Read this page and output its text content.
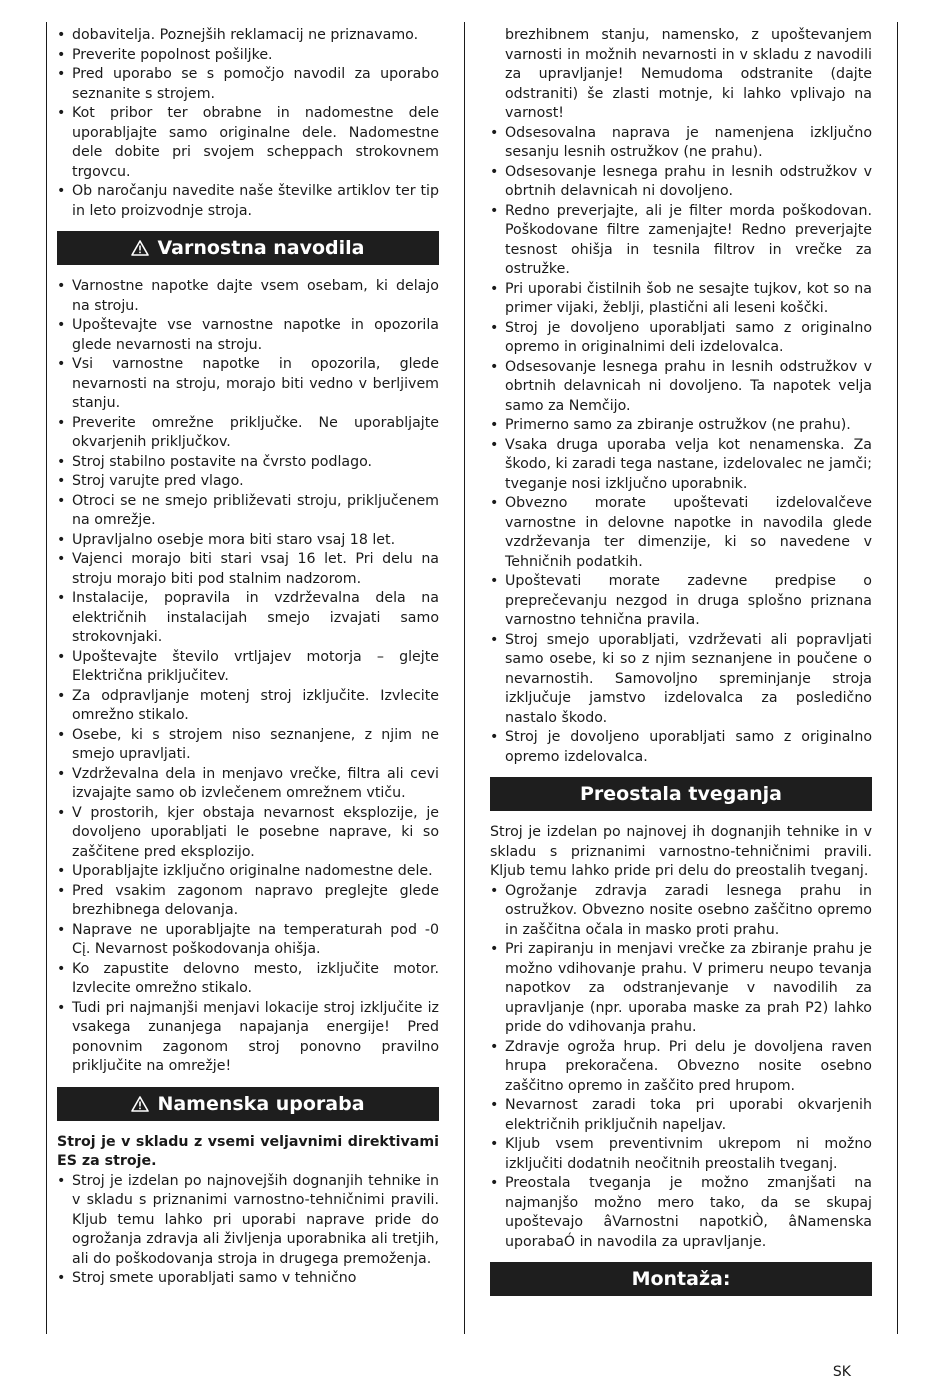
• dobavitelja. Poznejših reklamacij ne priznavamo.
• Preverite popolnost pošiljke.
• Pred uporabo se s pomočjo navodil za uporabo seznanite s strojem.
• Kot pribor ter obrabne in nadomestne dele uporabljajte samo originalne dele. Nadomestne dele dobite pri svojem scheppach strokovnem trgovcu.
• Ob naročanju navedite naše številke artiklov ter tip in leto proizvodnje stroja.
Varnostna navodila
• Varnostne napotke dajte vsem osebam, ki delajo na stroju.
• Upoštevajte vse varnostne napotke in opozorila glede nevarnosti na stroju.
• Vsi varnostne napotke in opozorila, glede nevarnosti na stroju, morajo biti vedno v berljivem stanju.
• Preverite omrežne priključke. Ne uporabljajte okvarjenih priključkov.
• Stroj stabilno postavite na čvrsto podlago.
• Stroj varujte pred vlago.
• Otroci se ne smejo približevati stroju, priključenem na omrežje.
• Upravljalno osebje mora biti staro vsaj 18 let.
• Vajenci morajo biti stari vsaj 16 let. Pri delu na stroju morajo biti pod stalnim nadzorom.
• Instalacije, popravila in vzdrževalna dela na električnih instalacijah smejo izvajati samo strokovnjaki.
• Upoštevajte število vrtljajev motorja – glejte Električna priključitev.
• Za odpravljanje motenj stroj izključite. Izvlecite omrežno stikalo.
• Osebe, ki s strojem niso seznanjene, z njim ne smejo upravljati.
• Vzdrževalna dela in menjavo vrečke, filtra ali cevi izvajajte samo ob izvlečenem omrežnem vtiču.
• V prostorih, kjer obstaja nevarnost eksplozije, je dovoljeno uporabljati le posebne naprave, ki so zaščitene pred eksplozijo.
• Uporabljajte izključno originalne nadomestne dele.
• Pred vsakim zagonom napravo preglejte glede brezhibnega delovanja.
• Naprave ne uporabljajte na temperaturah pod -0 Cį. Nevarnost poškodovanja ohišja.
• Ko zapustite delovno mesto, izključite motor. Izvlecite omrežno stikalo.
• Tudi pri najmanjši menjavi lokacije stroj izključite iz vsakega zunanjega napajanja energije! Pred ponovnim zagonom stroj ponovno pravilno priključite na omrežje!
Namenska uporaba

Stroj je v skladu z vsemi veljavnimi direktivami ES za stroje.

• Stroj je izdelan po najnovejših dognanjih tehnike in v skladu s priznanimi varnostno-tehničnimi pravili. Kljub temu lahko pri uporabi naprave pride do ogrožanja zdravja ali življenja uporabnika ali tretjih, ali do poškodovanja stroja in drugega premoženja.
• Stroj smete uporabljati samo v tehnično
brezhibnem stanju, namensko, z upoštevanjem varnosti in možnih nevarnosti in v skladu z navodili za upravljanje! Nemudoma odstranite (dajte odstraniti) še zlasti motnje, ki lahko vplivajo na varnost!
• Odsesovalna naprava je namenjena izključno sesanju lesnih ostružkov (ne prahu).
• Odsesovanje lesnega prahu in lesnih odstružkov v obrtnih delavnicah ni dovoljeno.
• Redno preverjajte, ali je filter morda poškodovan. Poškodovane filtre zamenjajte! Redno preverjajte tesnost ohišja in tesnila filtrov in vrečke za ostružke.
• Pri uporabi čistilnih šob ne sesajte tujkov, kot so na primer vijaki, žeblji, plastični ali leseni koščki.
• Stroj je dovoljeno uporabljati samo z originalno opremo in originalnimi deli izdelovalca.
• Odsesovanje lesnega prahu in lesnih odstružkov v obrtnih delavnicah ni dovoljeno. Ta napotek velja samo za Nemčijo.
• Primerno samo za zbiranje ostružkov (ne prahu).
• Vsaka druga uporaba velja kot nenamenska. Za škodo, ki zaradi tega nastane, izdelovalec ne jamči; tveganje nosi izključno uporabnik.
• Obvezno morate upoštevati izdelovalčeve varnostne in delovne napotke in navodila glede vzdrževanja ter dimenzije, ki so navedene v Tehničnih podatkih.
• Upoštevati morate zadevne predpise o preprečevanju nezgod in druga splošno priznana varnostno tehnična pravila.
• Stroj smejo uporabljati, vzdrževati ali popravljati samo osebe, ki so z njim seznanjene in poučene o nevarnostih. Samovoljno spreminjanje stroja izključuje jamstvo izdelovalca za posledično nastalo škodo.
• Stroj je dovoljeno uporabljati samo z originalno opremo izdelovalca.
Preostala tveganja

Stroj je izdelan po najnovej ih dognanjih tehnike in v skladu s priznanimi varnostno-tehničnimi pravili. Kljub temu lahko pride pri delu do preostalih tveganj.

• Ogrožanje zdravja zaradi lesnega prahu in ostružkov. Obvezno nosite osebno zaščitno opremo in zaščitna očala in masko proti prahu.
• Pri zapiranju in menjavi vrečke za zbiranje prahu je možno vdihovanje prahu. V primeru neupo tevanja napotkov za odstranjevanje v navodilih za upravljanje (npr. uporaba maske za prah P2) lahko pride do vdihovanja prahu.
• Zdravje ogroža hrup. Pri delu je dovoljena raven hrupa prekoračena. Obvezno nosite osebno zaščitno opremo in zaščito pred hrupom.
• Nevarnost zaradi toka pri uporabi okvarjenih električnih priključnih napeljav.
• Kljub vsem preventivnim ukrepom ni možno izključiti dodatnih neočitnih preostalih tveganj.
• Preostala tveganja je možno zmanjšati na najmanjšo možno mero tako, da se skupaj upoštevajo âVarnostni napotkiÒ, âNamenska uporabaÓ in navodila za upravljanje.
Montaža:
SK
